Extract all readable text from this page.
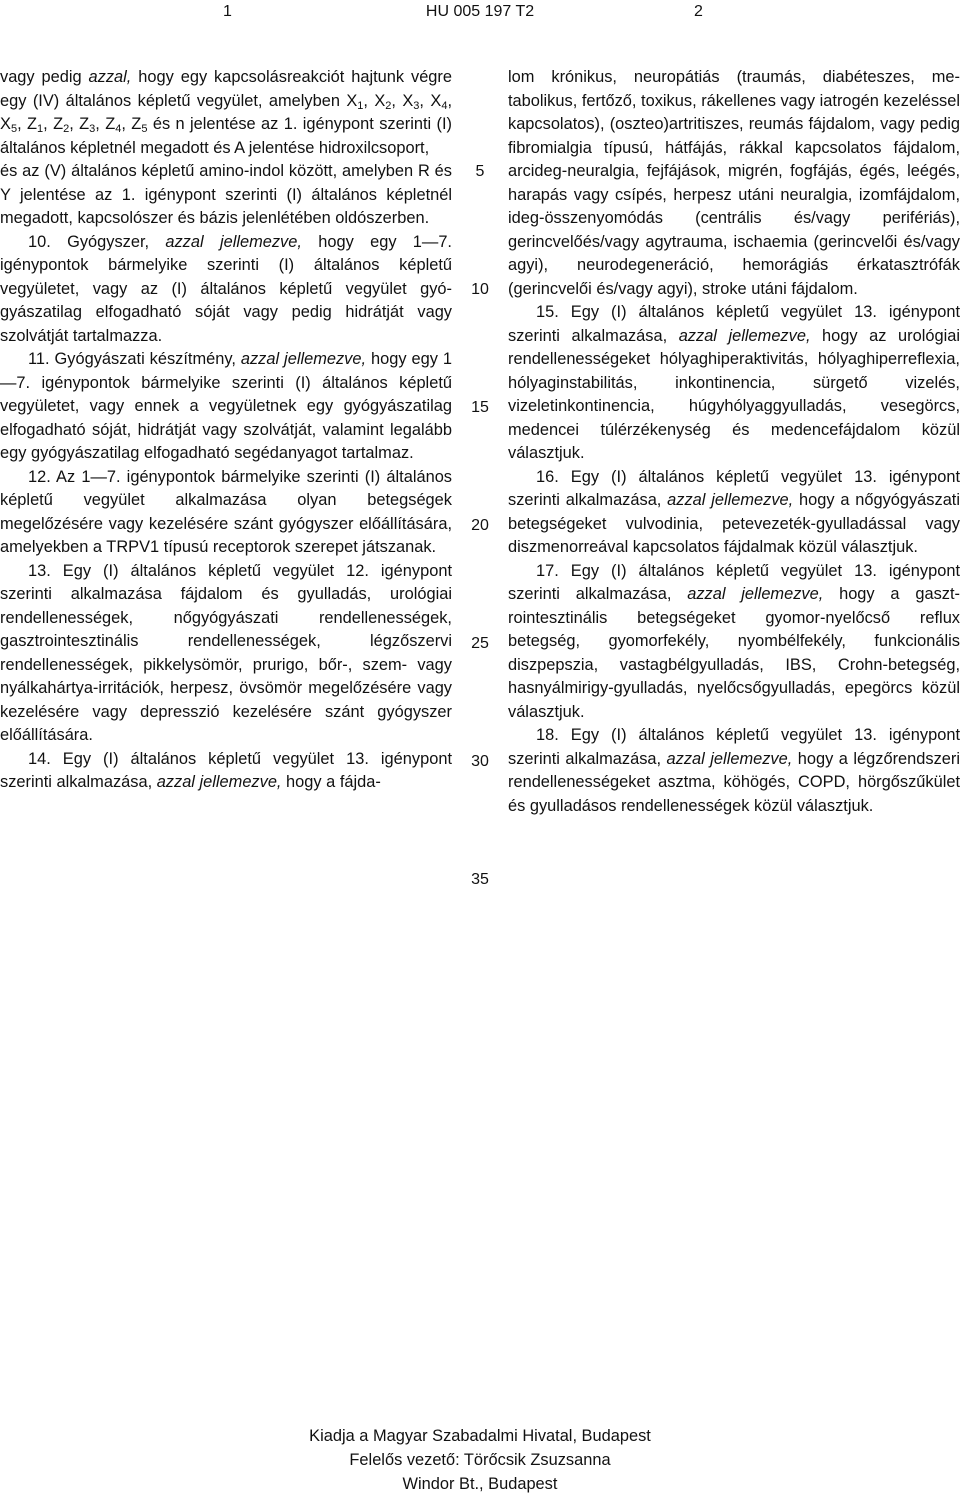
HU 005 197 T2
1	2

vagy pedig azzal, hogy egy kapcsolásreakciót hajtunk végre egy (IV) általános képletű vegyület, amelyben $X_1$, $X_2$, $X_3$, $X_4$, $X_5$, $Z_1$, $Z_2$, $Z_3$, $Z_4$, $Z_5$ és n jelentése az 1. igénypont szerinti (I) általános képletnél megadott és A jelentése hidroxilcsoport,

és az (V) általános képletű amino-indol között, amelyben R és Y jelentése az 1. igénypont szerinti (I) általános képletnél megadott, kapcsolószer és bázis jelenlétében oldószerben.

10. Gyógyszer, azzal jellemezve, hogy egy 1—7. igénypontok bármelyike szerinti (I) általános képletű vegyületet, vagy az (I) általános képletű vegyület gyógyászatilag elfogadható sóját vagy pedig hidrátját vagy szolvátját tartalmazza.

11. Gyógyászati készítmény, azzal jellemezve, hogy egy 1—7. igénypontok bármelyike szerinti (I) általános képletű vegyületet, vagy ennek a vegyületnek egy gyógyászatilag elfogadható sóját, hidrátját vagy szolvátját, valamint legalább egy gyógyászatilag elfogadható segédanyagot tartalmaz.

12. Az 1—7. igénypontok bármelyike szerinti (I) általános képletű vegyület alkalmazása olyan betegségek megelőzésére vagy kezelésére szánt gyógyszer előállítására, amelyekben a TRPV1 típusú receptorok szerepet játszanak.

13. Egy (I) általános képletű vegyület 12. igénypont szerinti alkalmazása fájdalom és gyulladás, urológiai rendellenességek, nőgyógyászati rendellenességek, gasztrointesztinális rendellenességek, légzőszervi rendellenességek, pikkelysömör, prurigo, bőr-, szem- vagy nyálkahártya-irritációk, herpesz, övsömör megelőzésére vagy kezelésére vagy depresszió kezelésére szánt gyógyszer előállítására.

14. Egy (I) általános képletű vegyület 13. igénypont szerinti alkalmazása, azzal jellemezve, hogy a fájda-

lom krónikus, neuropátiás (traumás, diabéteszes, metabolikus, fertőző, toxikus, rákellenes vagy iatrogén kezeléssel kapcsolatos), (oszteo)artritiszes, reumás fájdalom, vagy pedig fibromialgia típusú, hátfájás, rákkal kapcsolatos fájdalom, arcideg-neuralgia, fejfájások, migrén, fogfájás, égés, leégés, harapás vagy csípés, herpesz utáni neuralgia, izomfájdalom, ideg-összenyomódás (centrális és/vagy perifériás), gerincvelőés/vagy agytrauma, ischaemia (gerincvelői és/vagy agyi), neurodegeneráció, hemorágiás érkatasztrófák (gerincvelői és/vagy agyi), stroke utáni fájdalom.

15. Egy (I) általános képletű vegyület 13. igénypont szerinti alkalmazása, azzal jellemezve, hogy az urológiai rendellenességeket hólyaghiperaktivitás, hólyaghiperreflexia, hólyaginstabilitás, inkontinencia, sürgető vizelés, vizeletinkontinencia, húgyhólyaggyulladás, vesegörcs, medencei túlérzékenység és medencefájdalom közül választjuk.

16. Egy (I) általános képletű vegyület 13. igénypont szerinti alkalmazása, azzal jellemezve, hogy a nőgyógyászati betegségeket vulvodinia, petevezeték-gyulladással vagy diszmenorreával kapcsolatos fájdalmak közül választjuk.

17. Egy (I) általános képletű vegyület 13. igénypont szerinti alkalmazása, azzal jellemezve, hogy a gasztrointesztinális betegségeket gyomor-nyelőcső reflux betegség, gyomorfekély, nyombélfekély, funkcionális diszpepszia, vastagbélgyulladás, IBS, Crohn-betegség, hasnyálmirigy-gyulladás, nyelőcsőgyulladás, epegörcs közül választjuk.

18. Egy (I) általános képletű vegyület 13. igénypont szerinti alkalmazása, azzal jellemezve, hogy a légzőrendszeri rendellenességeket asztma, köhögés, COPD, hörgőszűkület és gyulladásos rendellenességek közül választjuk.

5
10
15
20
25
30
35
Kiadja a Magyar Szabadalmi Hivatal, Budapest
Felelős vezető: Törőcsik Zsuzsanna
Windor Bt., Budapest
